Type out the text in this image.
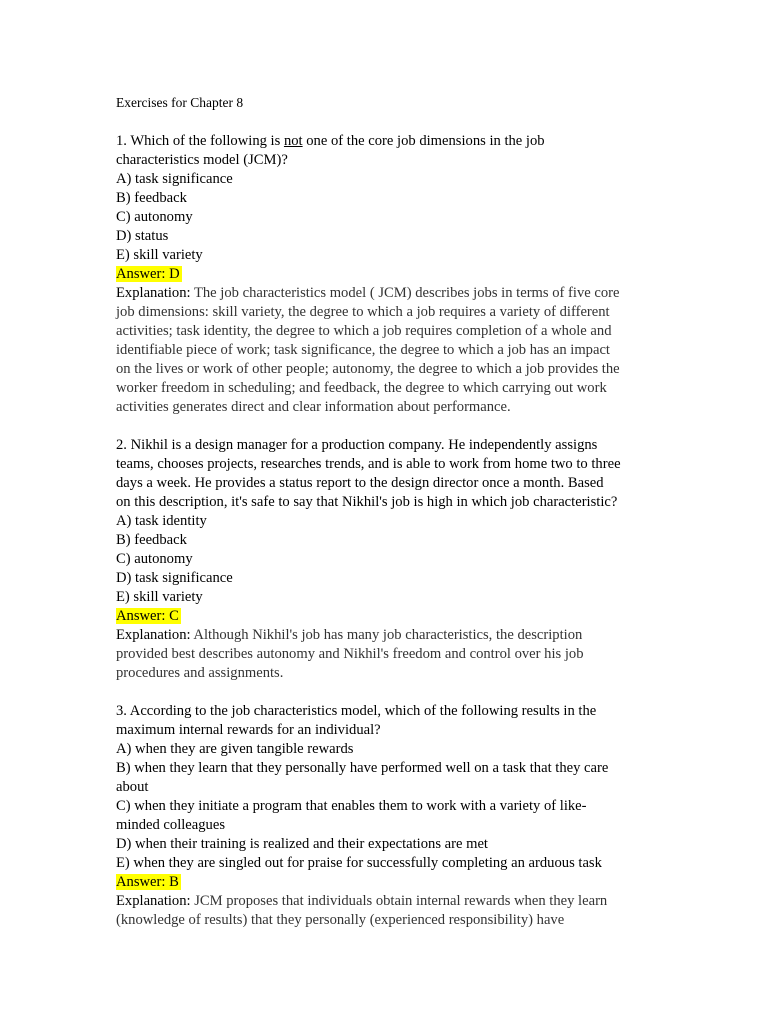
Exercises for Chapter 8
1. Which of the following is not one of the core job dimensions in the job
characteristics model (JCM)?
A) task significance
B) feedback
C) autonomy
D) status
E) skill variety
Answer: D
Explanation: The job characteristics model ( JCM) describes jobs in terms of five core
job dimensions: skill variety, the degree to which a job requires a variety of different
activities; task identity, the degree to which a job requires completion of a whole and
identifiable piece of work; task significance, the degree to which a job has an impact
on the lives or work of other people; autonomy, the degree to which a job provides the
worker freedom in scheduling; and feedback, the degree to which carrying out work
activities generates direct and clear information about performance.
2. Nikhil is a design manager for a production company. He independently assigns
teams, chooses projects, researches trends, and is able to work from home two to three
days a week. He provides a status report to the design director once a month. Based
on this description, it's safe to say that Nikhil's job is high in which job characteristic?
A) task identity
B) feedback
C) autonomy
D) task significance
E) skill variety
Answer: C
Explanation: Although Nikhil's job has many job characteristics, the description
provided best describes autonomy and Nikhil's freedom and control over his job
procedures and assignments.
3. According to the job characteristics model, which of the following results in the
maximum internal rewards for an individual?
A) when they are given tangible rewards
B) when they learn that they personally have performed well on a task that they care
about
C) when they initiate a program that enables them to work with a variety of like-
minded colleagues
D) when their training is realized and their expectations are met
E) when they are singled out for praise for successfully completing an arduous task
Answer: B
Explanation: JCM proposes that individuals obtain internal rewards when they learn
(knowledge of results) that they personally (experienced responsibility) have
